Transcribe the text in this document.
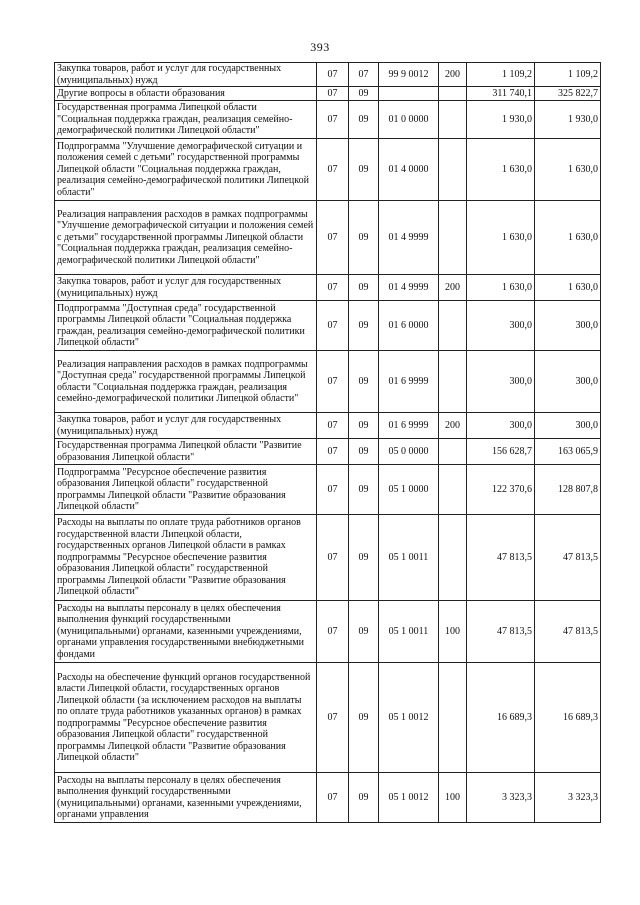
393
Закупка товаров, работ и услуг для государственных (муниципальных) нужд	07	07	99 9 0012	200	1 109,2	1 109,2
Другие вопросы в области образования	07	09			311 740,1	325 822,7
Государственная программа Липецкой области "Социальная поддержка граждан, реализация семейно-демографической политики Липецкой области"	07	09	01 0 0000		1 930,0	1 930,0
Подпрограмма "Улучшение демографической ситуации и положения семей с детьми" государственной программы Липецкой области "Социальная поддержка граждан, реализация семейно-демографической политики Липецкой области"	07	09	01 4 0000		1 630,0	1 630,0
Реализация направления расходов в рамках подпрограммы "Улучшение демографической ситуации и положения семей с детьми" государственной программы Липецкой области "Социальная поддержка граждан, реализация семейно-демографической политики Липецкой области"	07	09	01 4 9999		1 630,0	1 630,0
Закупка товаров, работ и услуг для государственных (муниципальных) нужд	07	09	01 4 9999	200	1 630,0	1 630,0
Подпрограмма "Доступная среда" государственной программы Липецкой области "Социальная поддержка граждан, реализация семейно-демографической политики Липецкой области"	07	09	01 6 0000		300,0	300,0
Реализация направления расходов в рамках подпрограммы "Доступная среда" государственной программы Липецкой области "Социальная поддержка граждан, реализация семейно-демографической политики Липецкой области"	07	09	01 6 9999		300,0	300,0
Закупка товаров, работ и услуг для государственных (муниципальных) нужд	07	09	01 6 9999	200	300,0	300,0
Государственная программа Липецкой области "Развитие образования Липецкой области"	07	09	05 0 0000		156 628,7	163 065,9
Подпрограмма "Ресурсное обеспечение развития образования Липецкой области" государственной программы Липецкой области "Развитие образования Липецкой области"	07	09	05 1 0000		122 370,6	128 807,8
Расходы на выплаты по оплате труда работников органов государственной власти Липецкой области, государственных органов Липецкой области в рамках подпрограммы "Ресурсное обеспечение развития образования Липецкой области" государственной программы Липецкой области "Развитие образования Липецкой области"	07	09	05 1 0011		47 813,5	47 813,5
Расходы на выплаты персоналу в целях обеспечения выполнения функций государственными (муниципальными) органами, казенными учреждениями, органами управления государственными внебюджетными фондами	07	09	05 1 0011	100	47 813,5	47 813,5
Расходы на обеспечение функций органов государственной власти Липецкой области, государственных органов Липецкой области (за исключением расходов на выплаты по оплате труда работников указанных органов) в рамках подпрограммы "Ресурсное обеспечение развития образования Липецкой области" государственной программы Липецкой области "Развитие образования Липецкой области"	07	09	05 1 0012		16 689,3	16 689,3
Расходы на выплаты персоналу в целях обеспечения выполнения функций государственными (муниципальными) органами, казенными учреждениями, органами управления	07	09	05 1 0012	100	3 323,3	3 323,3
